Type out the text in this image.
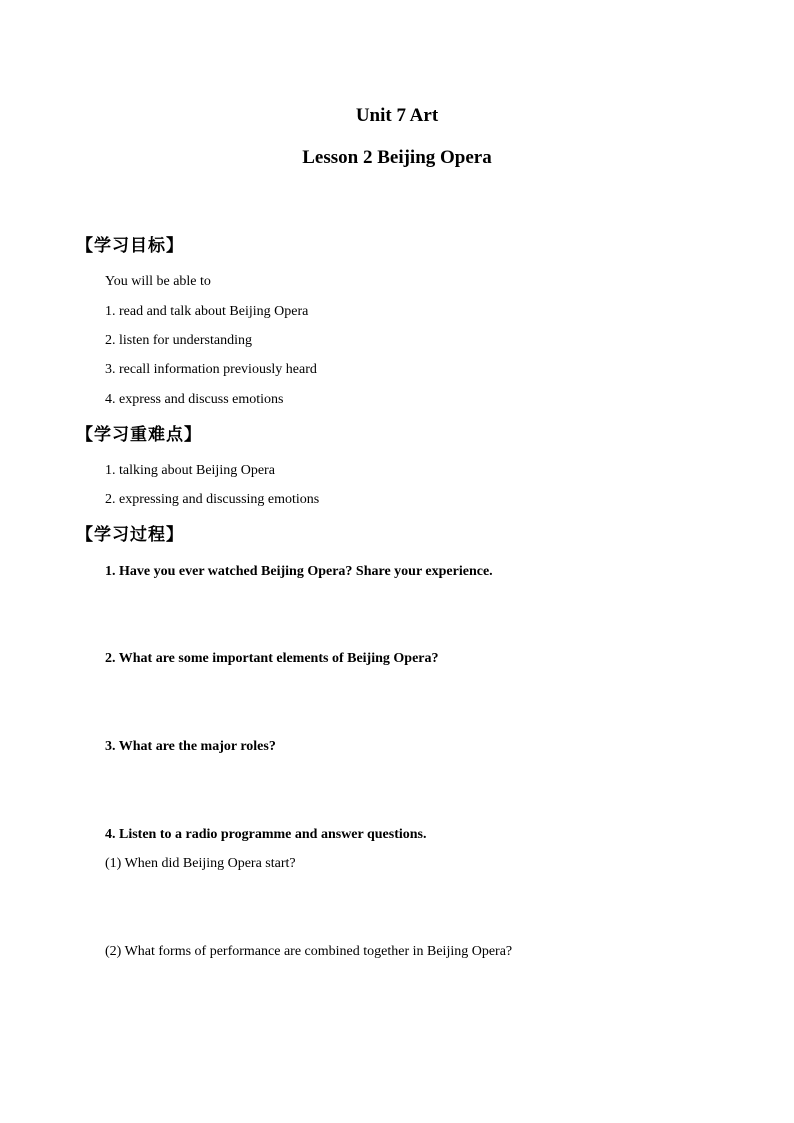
Unit 7 Art
Lesson 2 Beijing Opera
【学习目标】
You will be able to
1. read and talk about Beijing Opera
2. listen for understanding
3. recall information previously heard
4. express and discuss emotions
【学习重难点】
1. talking about Beijing Opera
2. expressing and discussing emotions
【学习过程】
1. Have you ever watched Beijing Opera? Share your experience.
2. What are some important elements of Beijing Opera?
3. What are the major roles?
4. Listen to a radio programme and answer questions.
(1) When did Beijing Opera start?
(2) What forms of performance are combined together in Beijing Opera?
